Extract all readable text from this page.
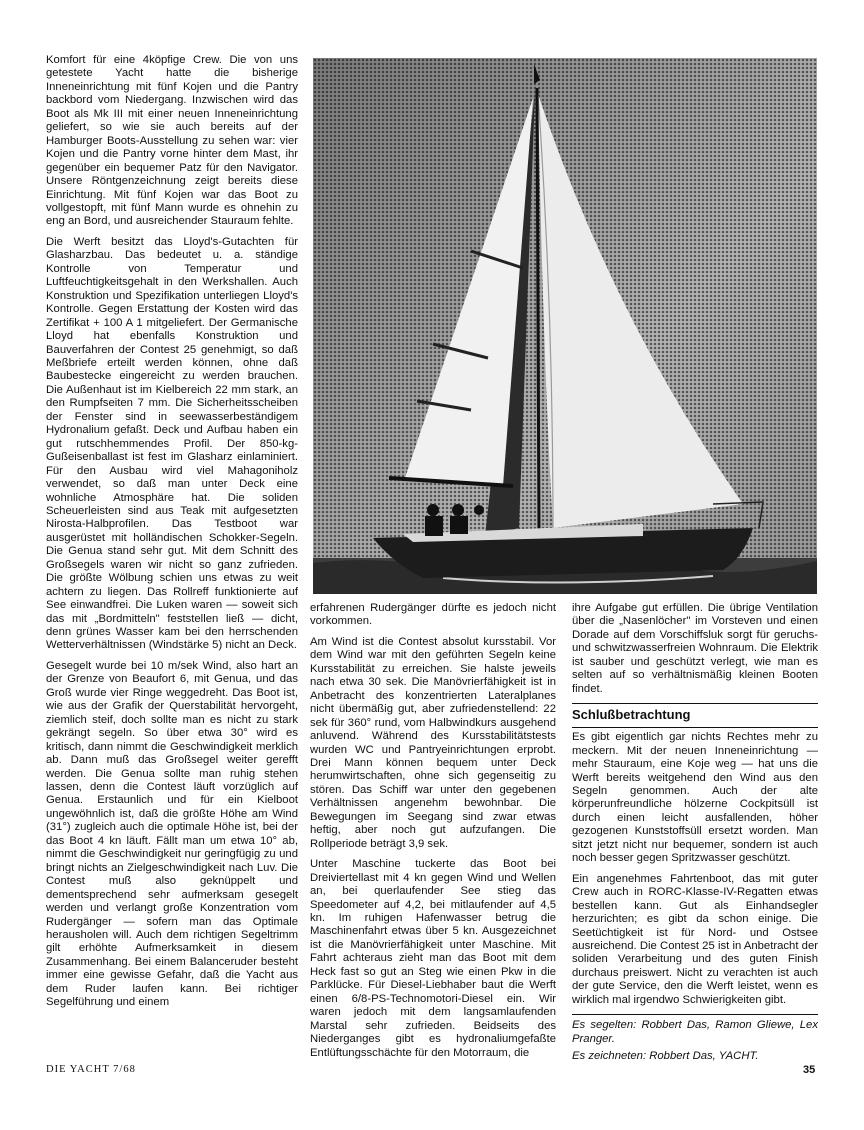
Komfort für eine 4köpfige Crew. Die von uns getestete Yacht hatte die bisherige Inneneinrichtung mit fünf Kojen und die Pantry backbord vom Niedergang. Inzwischen wird das Boot als Mk III mit einer neuen Inneneinrichtung geliefert, so wie sie auch bereits auf der Hamburger Boots-Ausstellung zu sehen war: vier Kojen und die Pantry vorne hinter dem Mast, ihr gegenüber ein bequemer Patz für den Navigator. Unsere Röntgenzeichnung zeigt bereits diese Einrichtung. Mit fünf Kojen war das Boot zu vollgestopft, mit fünf Mann wurde es ohnehin zu eng an Bord, und ausreichender Stauraum fehlte.

Die Werft besitzt das Lloyd's-Gutachten für Glasharzbau. Das bedeutet u. a. ständige Kontrolle von Temperatur und Luftfeuchtigkeitsgehalt in den Werkshallen. Auch Konstruktion und Spezifikation unterliegen Lloyd's Kontrolle. Gegen Erstattung der Kosten wird das Zertifikat + 100 A 1 mitgeliefert. Der Germanische Lloyd hat ebenfalls Konstruktion und Bauverfahren der Contest 25 genehmigt, so daß Meßbriefe erteilt werden können, ohne daß Baubestecke eingereicht zu werden brauchen. Die Außenhaut ist im Kielbereich 22 mm stark, an den Rumpfseiten 7 mm. Die Sicherheitsscheiben der Fenster sind in seewasserbeständigem Hydronalium gefaßt. Deck und Aufbau haben ein gut rutschhemmendes Profil. Der 850-kg-Gußeisenballast ist fest im Glasharz einlaminiert. Für den Ausbau wird viel Mahagoniholz verwendet, so daß man unter Deck eine wohnliche Atmosphäre hat. Die soliden Scheuerleisten sind aus Teak mit aufgesetzten Nirosta-Halbprofilen. Das Testboot war ausgerüstet mit holländischen Schokker-Segeln. Die Genua stand sehr gut. Mit dem Schnitt des Großsegels waren wir nicht so ganz zufrieden. Die größte Wölbung schien uns etwas zu weit achtern zu liegen. Das Rollreff funktionierte auf See einwandfrei. Die Luken waren — soweit sich das mit „Bordmitteln" feststellen ließ — dicht, denn grünes Wasser kam bei den herrschenden Wetterverhältnissen (Windstärke 5) nicht an Deck.

Gesegelt wurde bei 10 m/sek Wind, also hart an der Grenze von Beaufort 6, mit Genua, und das Groß wurde vier Ringe weggedreht. Das Boot ist, wie aus der Grafik der Querstabilität hervorgeht, ziemlich steif, doch sollte man es nicht zu stark gekrängt segeln. So über etwa 30° wird es kritisch, dann nimmt die Geschwindigkeit merklich ab. Dann muß das Großsegel weiter gerefft werden. Die Genua sollte man ruhig stehen lassen, denn die Contest läuft vorzüglich auf Genua. Erstaunlich und für ein Kielboot ungewöhnlich ist, daß die größte Höhe am Wind (31°) zugleich auch die optimale Höhe ist, bei der das Boot 4 kn läuft. Fällt man um etwa 10° ab, nimmt die Geschwindigkeit nur geringfügig zu und bringt nichts an Zielgeschwindigkeit nach Luv. Die Contest muß also geknüppelt und dementsprechend sehr aufmerksam gesegelt werden und verlangt große Konzentration vom Rudergänger — sofern man das Optimale herausholen will. Auch dem richtigen Segeltrimm gilt erhöhte Aufmerksamkeit in diesem Zusammenhang. Bei einem Balanceruder besteht immer eine gewisse Gefahr, daß die Yacht aus dem Ruder laufen kann. Bei richtiger Segelführung und einem

erfahrenen Rudergänger dürfte es jedoch nicht vorkommen.

Am Wind ist die Contest absolut kursstabil. Vor dem Wind war mit den geführten Segeln keine Kursstabilität zu erreichen. Sie halste jeweils nach etwa 30 sek. Die Manövrierfähigkeit ist in Anbetracht des konzentrierten Lateralplanes nicht übermäßig gut, aber zufriedenstellend: 22 sek für 360° rund, vom Halbwindkurs ausgehend anluvend. Während des Kursstabilitätstests wurden WC und Pantryeinrichtungen erprobt. Drei Mann können bequem unter Deck herumwirtschaften, ohne sich gegenseitig zu stören. Das Schiff war unter den gegebenen Verhältnissen angenehm bewohnbar. Die Bewegungen im Seegang sind zwar etwas heftig, aber noch gut aufzufangen. Die Rollperiode beträgt 3,9 sek.

Unter Maschine tuckerte das Boot bei Dreiviertellast mit 4 kn gegen Wind und Wellen an, bei querlaufender See stieg das Speedometer auf 4,2, bei mitlaufender auf 4,5 kn. Im ruhigen Hafenwasser betrug die Maschinenfahrt etwas über 5 kn. Ausgezeichnet ist die Manövrierfähigkeit unter Maschine. Mit Fahrt achteraus zieht man das Boot mit dem Heck fast so gut an Steg wie einen Pkw in die Parklücke. Für Diesel-Liebhaber baut die Werft einen 6/8-PS-Technomotori-Diesel ein. Wir waren jedoch mit dem langsamlaufenden Marstal sehr zufrieden. Beidseits des Niederganges gibt es hydronaliumgefaßte Entlüftungsschächte für den Motorraum, die

ihre Aufgabe gut erfüllen. Die übrige Ventilation über die „Nasenlöcher" im Vorsteven und einen Dorade auf dem Vorschiffsluk sorgt für geruchs- und schwitzwasserfreien Wohnraum. Die Elektrik ist sauber und geschützt verlegt, wie man es selten auf so verhältnismäßig kleinen Booten findet.

Schlußbetrachtung

Es gibt eigentlich gar nichts Rechtes mehr zu meckern. Mit der neuen Inneneinrichtung — mehr Stauraum, eine Koje weg — hat uns die Werft bereits weitgehend den Wind aus den Segeln genommen. Auch der alte körperunfreundliche hölzerne Cockpitsüll ist durch einen leicht ausfallenden, höher gezogenen Kunststoffsüll ersetzt worden. Man sitzt jetzt nicht nur bequemer, sondern ist auch noch besser gegen Spritzwasser geschützt.

Ein angenehmes Fahrtenboot, das mit guter Crew auch in RORC-Klasse-IV-Regatten etwas bestellen kann. Gut als Einhandsegler herzurichten; es gibt da schon einige. Die Seetüchtigkeit ist für Nord- und Ostsee ausreichend. Die Contest 25 ist in Anbetracht der soliden Verarbeitung und des guten Finish durchaus preiswert. Nicht zu verachten ist auch der gute Service, den die Werft leistet, wenn es wirklich mal irgendwo Schwierigkeiten gibt.

Es segelten: Robbert Das, Ramon Gliewe, Lex Pranger.
Es zeichneten: Robbert Das, YACHT.
DIE YACHT 7/68	35
